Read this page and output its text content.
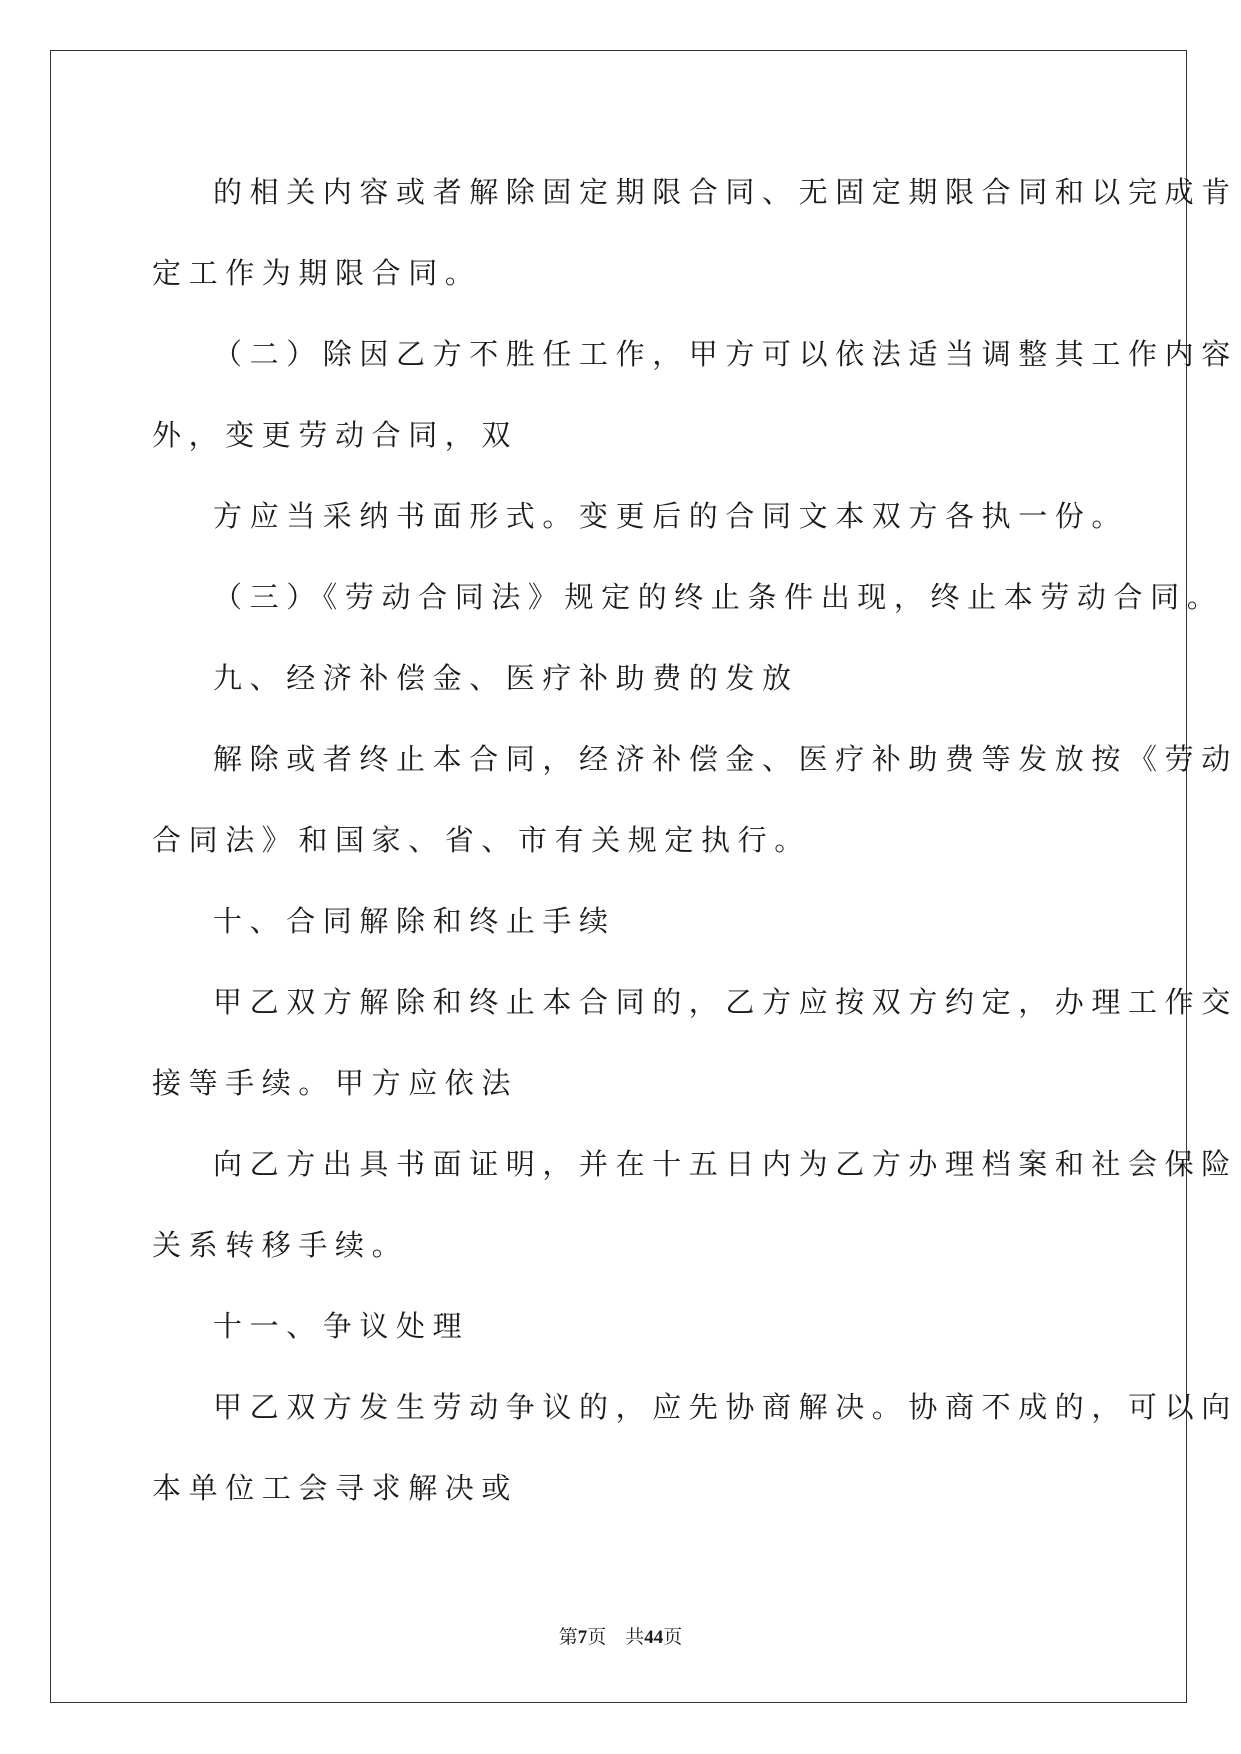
的相关内容或者解除固定期限合同、无固定期限合同和以完成肯
定工作为期限合同。
（二）除因乙方不胜任工作，甲方可以依法适当调整其工作内容
外，变更劳动合同，双
方应当采纳书面形式。变更后的合同文本双方各执一份。
（三）《劳动合同法》规定的终止条件出现，终止本劳动合同。
九、经济补偿金、医疗补助费的发放
解除或者终止本合同，经济补偿金、医疗补助费等发放按《劳动
合同法》和国家、省、市有关规定执行。
十、合同解除和终止手续
甲乙双方解除和终止本合同的，乙方应按双方约定，办理工作交
接等手续。甲方应依法
向乙方出具书面证明，并在十五日内为乙方办理档案和社会保险
关系转移手续。
十一、争议处理
甲乙双方发生劳动争议的，应先协商解决。协商不成的，可以向
本单位工会寻求解决或
第7页 共44页
